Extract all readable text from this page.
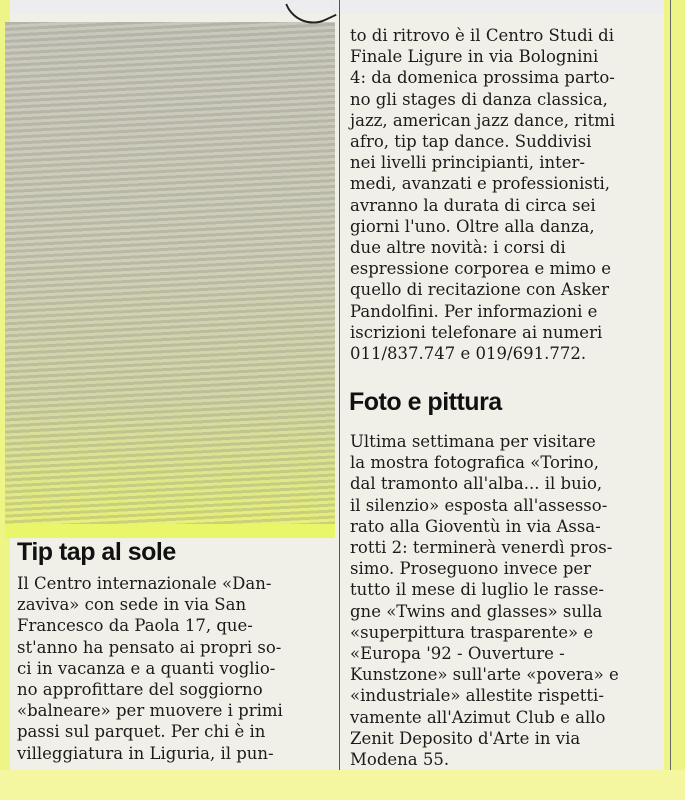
Tip tap al sole
Il Centro internazionale «Dan-
zaviva» con sede in via San
Francesco da Paola 17, que-
st'anno ha pensato ai propri so-
ci in vacanza e a quanti voglio-
no approfittare del soggiorno
«balneare» per muovere i primi
passi sul parquet. Per chi è in
villeggiatura in Liguria, il pun-
to di ritrovo è il Centro Studi di
Finale Ligure in via Bolognini
4: da domenica prossima parto-
no gli stages di danza classica,
jazz, american jazz dance, ritmi
afro, tip tap dance. Suddivisi
nei livelli principianti, inter-
medi, avanzati e professionisti,
avranno la durata di circa sei
giorni l'uno. Oltre alla danza,
due altre novità: i corsi di
espressione corporea e mimo e
quello di recitazione con Asker
Pandolfini. Per informazioni e
iscrizioni telefonare ai numeri
011/837.747 e 019/691.772.
Foto e pittura
Ultima settimana per visitare
la mostra fotografica «Torino,
dal tramonto all'alba... il buio,
il silenzio» esposta all'assesso-
rato alla Gioventù in via Assa-
rotti 2: terminerà venerdì pros-
simo. Proseguono invece per
tutto il mese di luglio le rasse-
gne «Twins and glasses» sulla
«superpittura trasparente» e
«Europa '92 - Ouverture -
Kunstzone» sull'arte «povera» e
«industriale» allestite rispetti-
vamente all'Azimut Club e allo
Zenit Deposito d'Arte in via
Modena 55.
